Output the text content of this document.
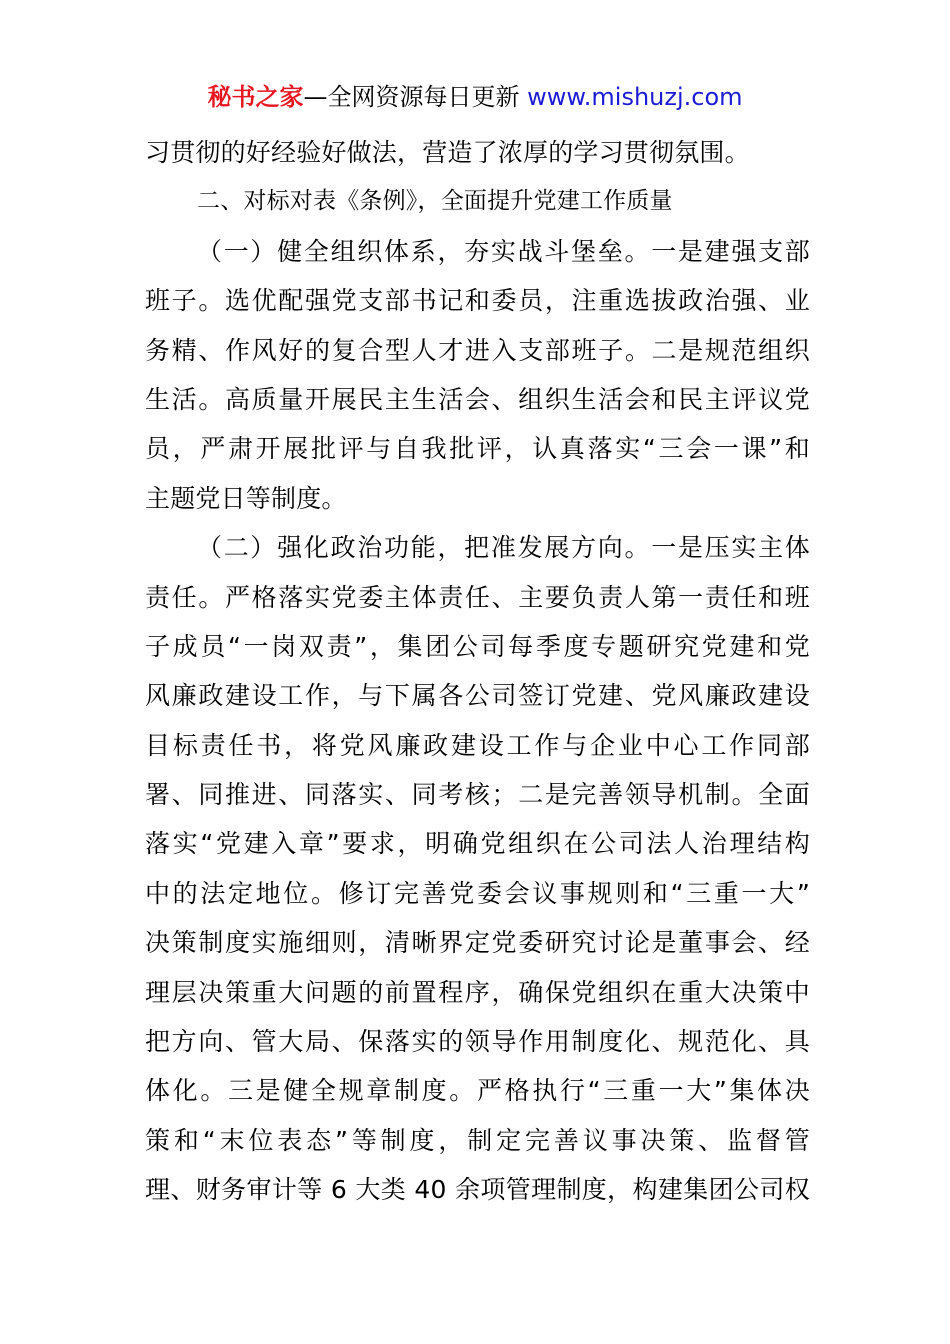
秘书之家—全网资源每日更新 www.mishuzj.com
习贯彻的好经验好做法，营造了浓厚的学习贯彻氛围。
二、对标对表《条例》，全面提升党建工作质量
（一）健全组织体系，夯实战斗堡垒。一是建强支部
班子。选优配强党支部书记和委员，注重选拔政治强、业
务精、作风好的复合型人才进入支部班子。二是规范组织
生活。高质量开展民主生活会、组织生活会和民主评议党
员，严肃开展批评与自我批评，认真落实“三会一课”和
主题党日等制度。
（二）强化政治功能，把准发展方向。一是压实主体
责任。严格落实党委主体责任、主要负责人第一责任和班
子成员“一岗双责”，集团公司每季度专题研究党建和党
风廉政建设工作，与下属各公司签订党建、党风廉政建设
目标责任书，将党风廉政建设工作与企业中心工作同部
署、同推进、同落实、同考核；二是完善领导机制。全面
落实“党建入章”要求，明确党组织在公司法人治理结构
中的法定地位。修订完善党委会议事规则和“三重一大”
决策制度实施细则，清晰界定党委研究讨论是董事会、经
理层决策重大问题的前置程序，确保党组织在重大决策中
把方向、管大局、保落实的领导作用制度化、规范化、具
体化。三是健全规章制度。严格执行“三重一大”集体决
策和“末位表态”等制度，制定完善议事决策、监督管
理、财务审计等 6 大类 40 余项管理制度，构建集团公司权
